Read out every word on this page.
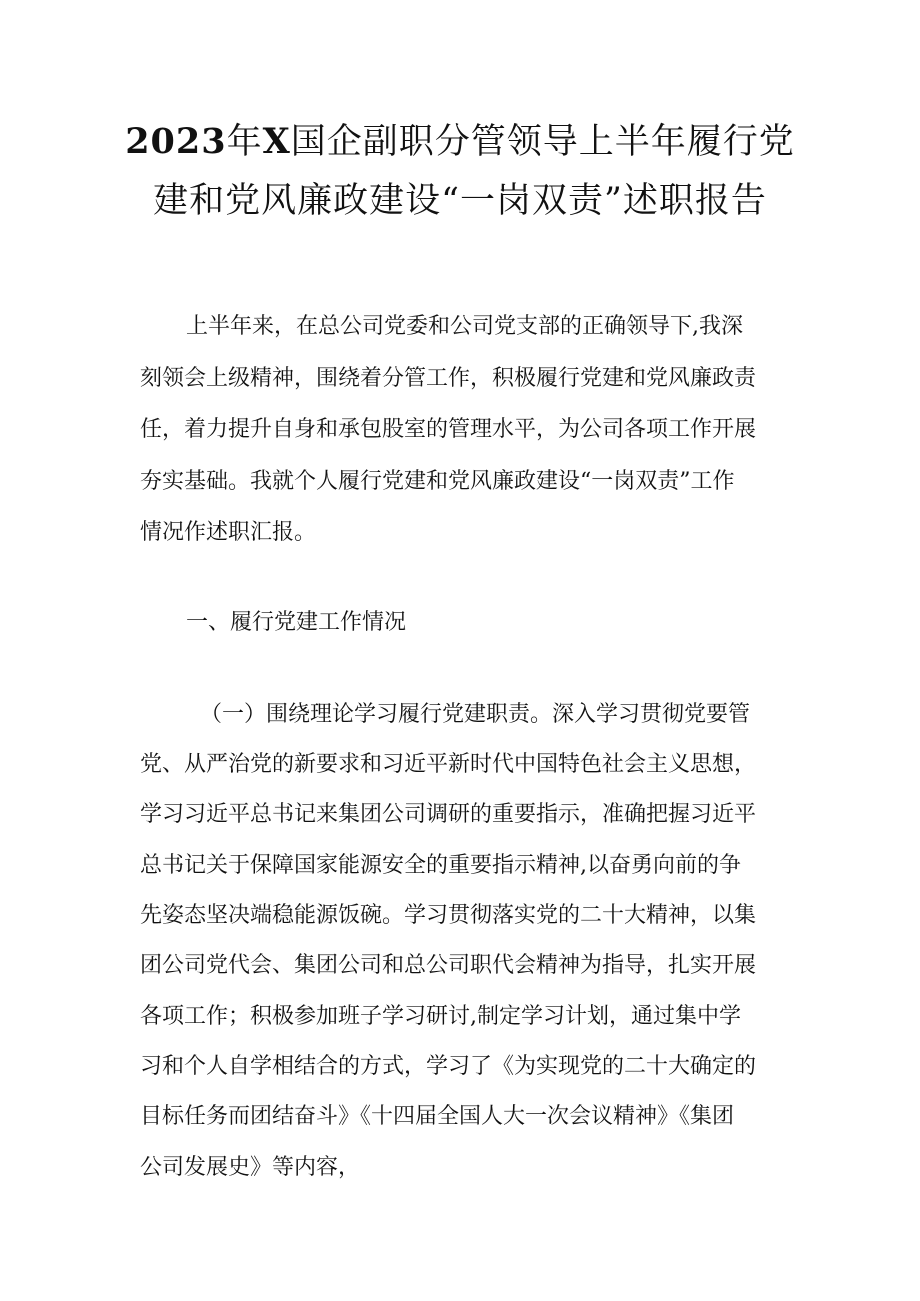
2023年X国企副职分管领导上半年履行党
建和党风廉政建设“一岗双责”述职报告
上半年来，在总公司党委和公司党支部的正确领导下,我深
刻领会上级精神，围绕着分管工作，积极履行党建和党风廉政责
任，着力提升自身和承包股室的管理水平，为公司各项工作开展
夯实基础。我就个人履行党建和党风廉政建设“一岗双责”工作
情况作述职汇报。
一、履行党建工作情况
（一）围绕理论学习履行党建职责。深入学习贯彻党要管
党、从严治党的新要求和习近平新时代中国特色社会主义思想，
学习习近平总书记来集团公司调研的重要指示，准确把握习近平
总书记关于保障国家能源安全的重要指示精神,以奋勇向前的争
先姿态坚决端稳能源饭碗。学习贯彻落实党的二十大精神，以集
团公司党代会、集团公司和总公司职代会精神为指导，扎实开展
各项工作；积极参加班子学习研讨,制定学习计划，通过集中学
习和个人自学相结合的方式，学习了《为实现党的二十大确定的
目标任务而团结奋斗》《十四届全国人大一次会议精神》《集团
公司发展史》等内容，
